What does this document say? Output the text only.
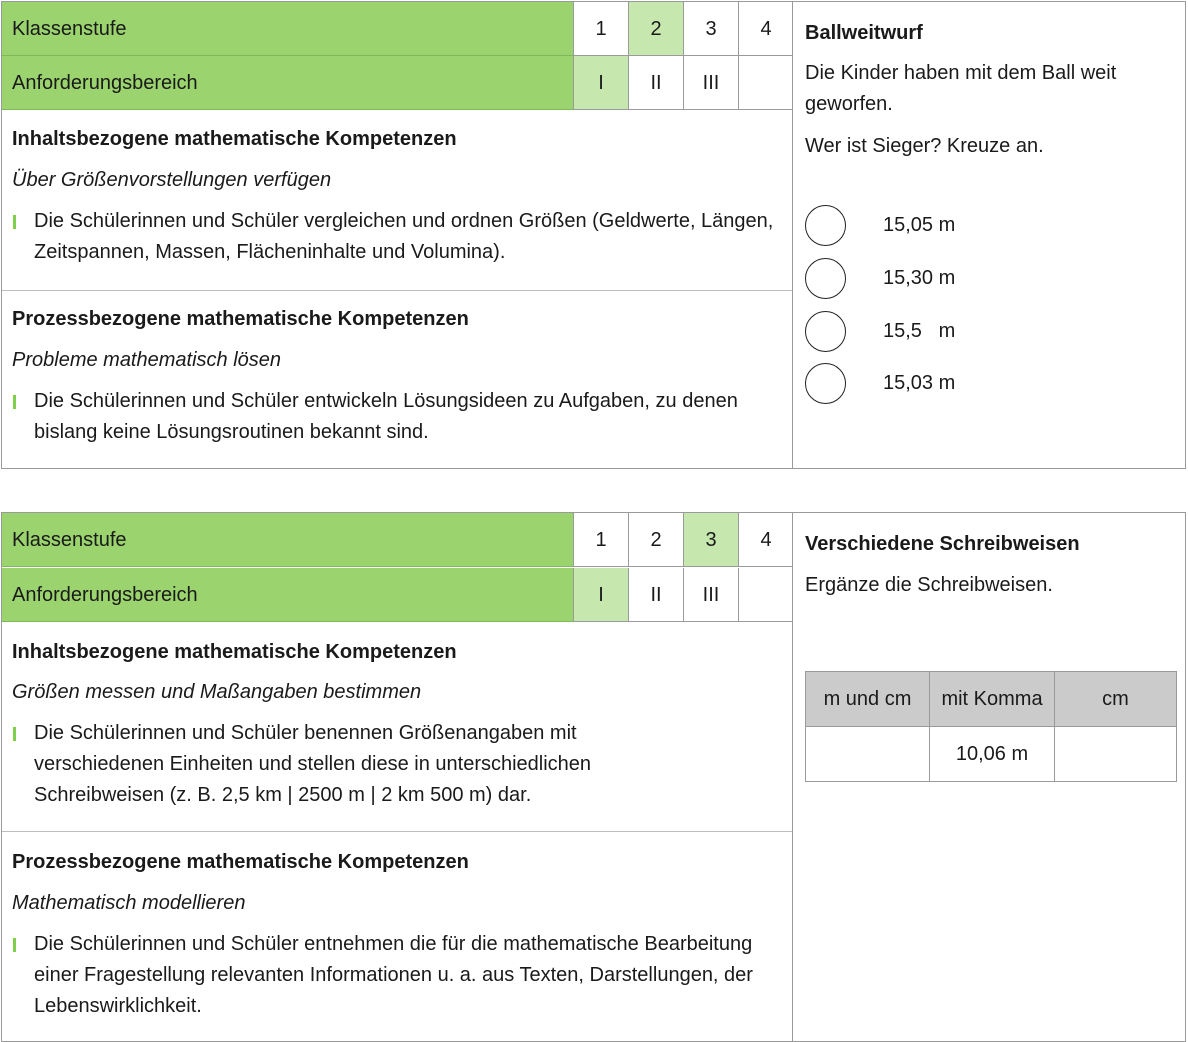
Klassenstufe	1	2	3	4
Anforderungsbereich	I	II	III
Inhaltsbezogene mathematische Kompetenzen
Über Größenvorstellungen verfügen
Die Schülerinnen und Schüler vergleichen und ordnen Größen (Geldwerte, Längen, Zeitspannen, Massen, Flächeninhalte und Volumina).
Prozessbezogene mathematische Kompetenzen
Probleme mathematisch lösen
Die Schülerinnen und Schüler entwickeln Lösungsideen zu Aufgaben, zu denen bislang keine Lösungsroutinen bekannt sind.
Ballweitwurf
Die Kinder haben mit dem Ball weit geworfen.
Wer ist Sieger? Kreuze an.
15,05 m
15,30 m
15,5   m
15,03 m
Klassenstufe	1	2	3	4
Anforderungsbereich	I	II	III
Inhaltsbezogene mathematische Kompetenzen
Größen messen und Maßangaben bestimmen
Die Schülerinnen und Schüler benennen Größenangaben mit verschiedenen Einheiten und stellen diese in unterschiedlichen Schreibweisen (z. B. 2,5 km | 2500 m | 2 km 500 m) dar.
Prozessbezogene mathematische Kompetenzen
Mathematisch modellieren
Die Schülerinnen und Schüler entnehmen die für die mathematische Bearbeitung einer Fragestellung relevanten Informationen u. a. aus Texten, Darstellungen, der Lebenswirklichkeit.
Verschiedene Schreibweisen
Ergänze die Schreibweisen.
m und cm	mit Komma	cm
	10,06 m	
